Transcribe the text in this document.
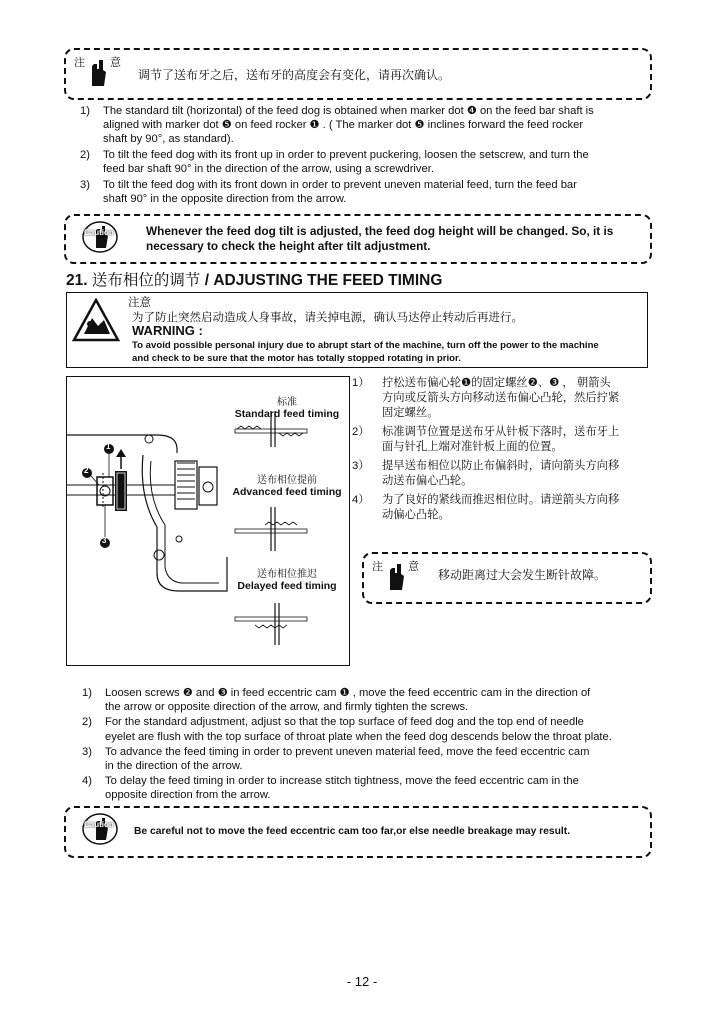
注 意
调节了送布牙之后，送布牙的高度会有变化，请再次确认。
1) The standard tilt (horizontal) of the feed dog is obtained when marker dot ❹ on the feed bar shaft is
aligned with marker dot ❺ on feed rocker ❶ . ( The marker dot ❺ inclines forward the feed rocker
shaft by 90°, as standard).
2) To tilt the feed dog with its front up in order to prevent puckering, loosen the setscrew, and turn the
feed bar shaft 90° in the direction of the arrow, using a screwdriver.
3) To tilt the feed dog with its front down in order to prevent uneven material feed, turn the feed bar
shaft 90° in the opposite direction from the arrow.
Caution	Whenever the feed dog tilt is adjusted, the feed dog height will be changed. So, it is
necessary to check the height after tilt adjustment.
21. 送布相位的调节 / ADJUSTING THE FEED TIMING
注意
为了防止突然启动造成人身事故，请关掉电源，确认马达停止转动后再进行。
WARNING :
To avoid possible personal injury due to abrupt start of the machine, turn off the power to the machine
and check to be sure that the motor has totally stopped rotating in prior.
1
2
3
标准
Standard feed timing
送布相位提前
Advanced feed timing
送布相位推迟
Delayed feed timing
1） 拧松送布偏心轮❶的固定螺丝❷、❸ ， 朝箭头
方向或反箭头方向移动送布偏心凸轮，然后拧紧
固定螺丝。
2） 标准调节位置是送布牙从针板下落时，送布牙上
面与针孔上端对准针板上面的位置。
3） 提早送布相位以防止布偏斜时，请向箭头方向移
动送布偏心凸轮。
4） 为了良好的紧线而推迟相位时。请逆箭头方向移
动偏心凸轮。
注 意
移动距离过大会发生断针故障。
1) Loosen screws ❷ and ❸ in feed eccentric cam ❶ , move the feed eccentric cam in the direction of
the arrow or opposite direction of the arrow, and firmly tighten the screws.
2) For the standard adjustment, adjust so that the top surface of feed dog and the top end of needle
eyelet are flush with the top surface of throat plate when the feed dog descends below the throat plate.
3) To advance the feed timing in order to prevent uneven material feed, move the feed eccentric cam
in the direction of the arrow.
4) To delay the feed timing in order to increase stitch tightness, move the feed eccentric cam in the
opposite direction from the arrow.
Caution
Be careful not to move the feed eccentric cam too far,or else needle breakage may result.
- 12 -
